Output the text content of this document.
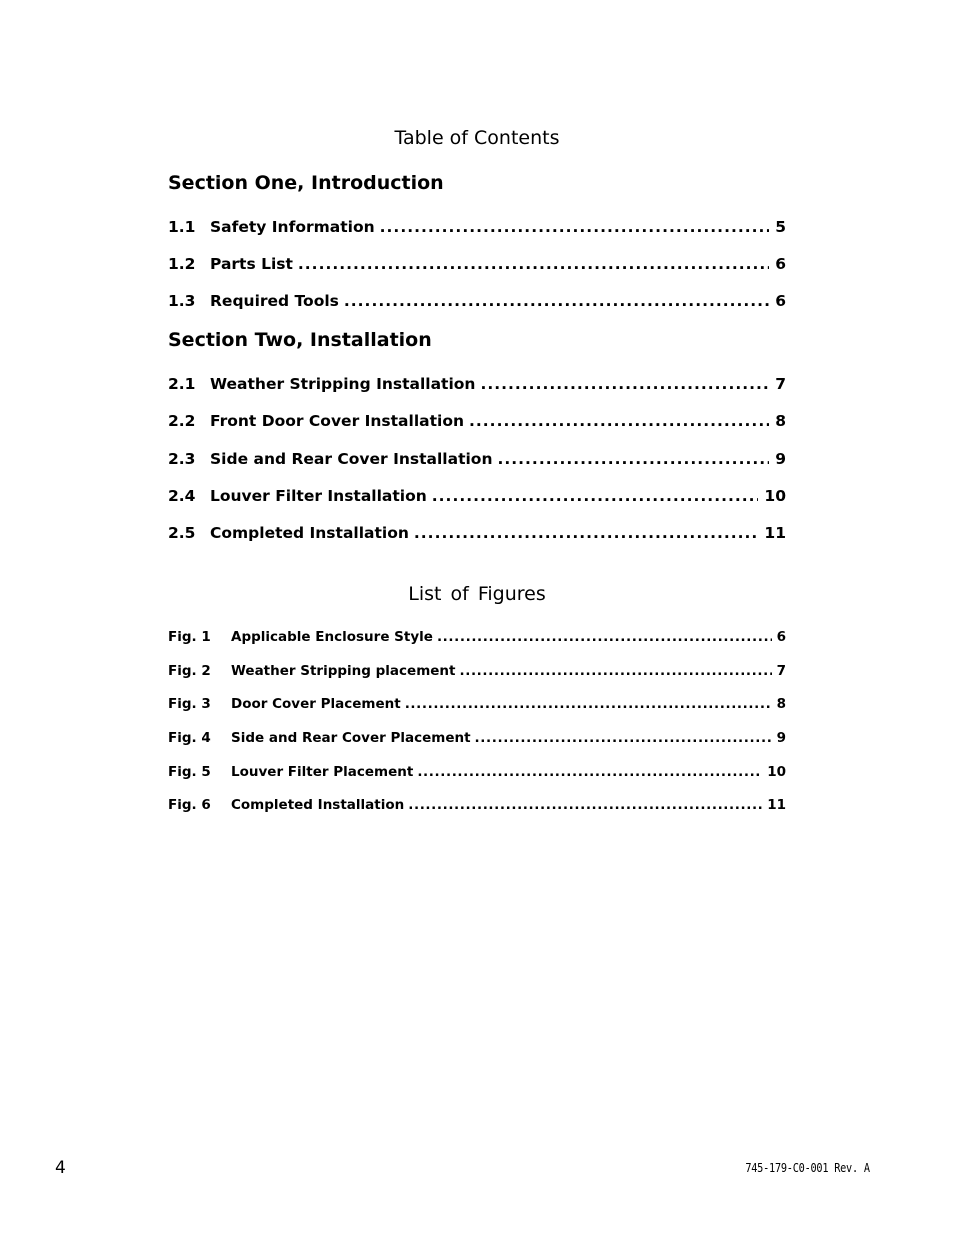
Table of Contents
Section One, Introduction
1.1 Safety Information .....	5
1.2 Parts List .....	6
1.3 Required Tools .....	6
Section Two, Installation
2.1 Weather Stripping Installation .....	7
2.2 Front Door Cover Installation .....	8
2.3 Side and Rear Cover Installation .....	9
2.4 Louver Filter Installation .....	10
2.5 Completed Installation .....	11
List of Figures
Fig. 1	Applicable Enclosure Style .....	6
Fig. 2	Weather Stripping placement .....	7
Fig. 3	Door Cover Placement .....	8
Fig. 4	Side and Rear Cover Placement .....	9
Fig. 5	Louver Filter Placement .....	10
Fig. 6	Completed Installation .....	11
4	745-179-C0-001 Rev. A
